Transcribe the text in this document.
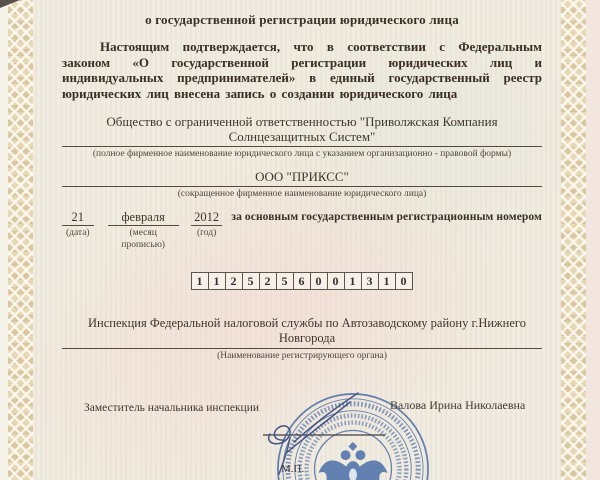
о государственной регистрации юридического лица

Настоящим подтверждается, что в соответствии с Федеральным законом «О государственной регистрации юридических лиц и индивидуальных предпринимателей» в единый государственный реестр юридических лиц внесена запись о создании юридического лица

Общество с ограниченной ответственностью "Приволжская Компания Солнцезащитных Систем"
(полное фирменное наименование юридического лица с указанием организационно - правовой формы)
ООО "ПРИКСС"
(сокращенное фирменное наименование юридического лица)
21
(дата)
февраля
(месяц прописью)
2012
(год)
за основным государственным регистрационным номером
1 1 2 5 2 5 6 0 0 1 3 1 0
Инспекция Федеральной налоговой службы по Автозаводскому району г.Нижнего Новгорода
(Наименование регистрирующего органа)
Заместитель начальника инспекции	Валова Ирина Николаевна
М.П.
